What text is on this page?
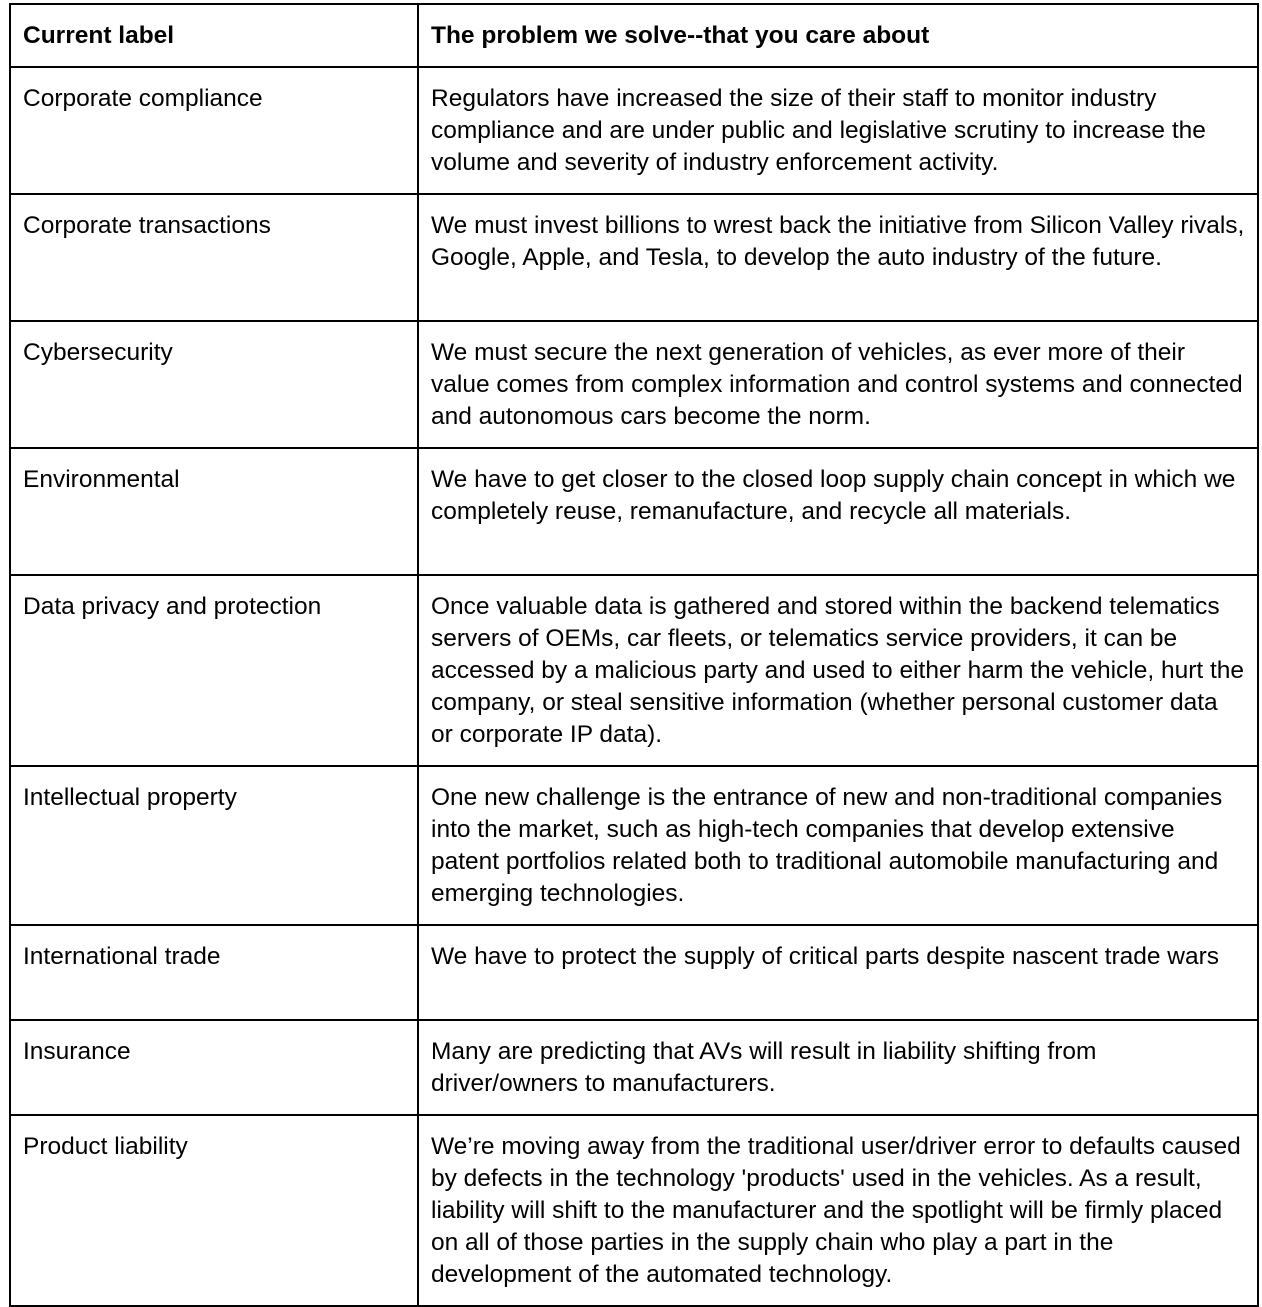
Current label	The problem we solve--that you care about
Corporate compliance	Regulators have increased the size of their staff to monitor industry compliance and are under public and legislative scrutiny to increase the volume and severity of industry enforcement activity.
Corporate transactions	We must invest billions to wrest back the initiative from Silicon Valley rivals, Google, Apple, and Tesla, to develop the auto industry of the future.
Cybersecurity	We must secure the next generation of vehicles, as ever more of their value comes from complex information and control systems and connected and autonomous cars become the norm.
Environmental	We have to get closer to the closed loop supply chain concept in which we completely reuse, remanufacture, and recycle all materials.
Data privacy and protection	Once valuable data is gathered and stored within the backend telematics servers of OEMs, car fleets, or telematics service providers, it can be accessed by a malicious party and used to either harm the vehicle, hurt the company, or steal sensitive information (whether personal customer data or corporate IP data).
Intellectual property	One new challenge is the entrance of new and non-traditional companies into the market, such as high-tech companies that develop extensive patent portfolios related both to traditional automobile manufacturing and emerging technologies.
International trade	We have to protect the supply of critical parts despite nascent trade wars
Insurance	Many are predicting that AVs will result in liability shifting from driver/owners to manufacturers.
Product liability	We’re moving away from the traditional user/driver error to defaults caused by defects in the technology 'products' used in the vehicles. As a result, liability will shift to the manufacturer and the spotlight will be firmly placed on all of those parties in the supply chain who play a part in the development of the automated technology.
